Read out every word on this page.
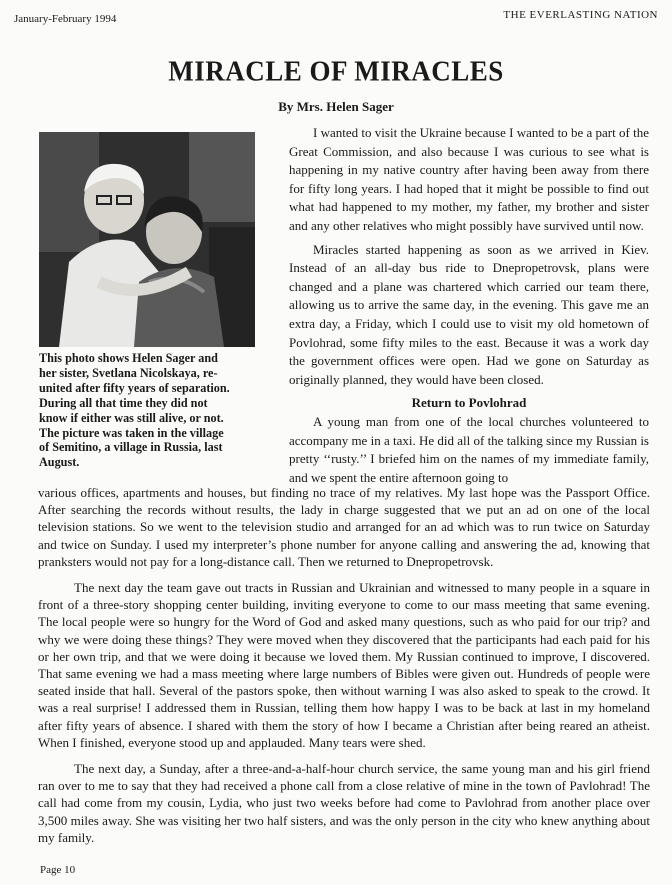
January-February 1994	THE EVERLASTING NATION
MIRACLE OF MIRACLES
By Mrs. Helen Sager
This photo shows Helen Sager and
her sister, Svetlana Nicolskaya, re-
united after fifty years of separation.
During all that time they did not
know if either was still alive, or not.
The picture was taken in the village
of Semitino, a village in Russia, last
August.

I wanted to visit the Ukraine because I wanted to be a part of the Great Commission, and also because I was curious to see what is happening in my native country after having been away from there for fifty long years. I had hoped that it might be possible to find out what had happened to my mother, my father, my brother and sister and any other relatives who might possibly have survived until now.

Miracles started happening as soon as we arrived in Kiev. Instead of an all-day bus ride to Dnepropetrovsk, plans were changed and a plane was chartered which carried our team there, allowing us to arrive the same day, in the evening. This gave me an extra day, a Friday, which I could use to visit my old hometown of Povlohrad, some fifty miles to the east. Because it was a work day the government offices were open. Had we gone on Saturday as originally planned, they would have been closed.

Return to Povlohrad

A young man from one of the local churches volunteered to accompany me in a taxi. He did all of the talking since my Russian is pretty ‘‘rusty.’’ I briefed him on the names of my immediate family, and we spent the entire afternoon going to

various offices, apartments and houses, but finding no trace of my relatives. My last hope was the Passport Office. After searching the records without results, the lady in charge suggested that we put an ad on one of the local television stations. So we went to the television studio and arranged for an ad which was to run twice on Saturday and twice on Sunday. I used my interpreter’s phone number for anyone calling and answering the ad, knowing that pranksters would not pay for a long-distance call. Then we returned to Dnepropetrovsk.

The next day the team gave out tracts in Russian and Ukrainian and witnessed to many people in a square in front of a three-story shopping center building, inviting everyone to come to our mass meeting that same evening. The local people were so hungry for the Word of God and asked many questions, such as who paid for our trip? and why we were doing these things? They were moved when they discovered that the participants had each paid for his or her own trip, and that we were doing it because we loved them. My Russian continued to improve, I discovered. That same evening we had a mass meeting where large numbers of Bibles were given out. Hundreds of people were seated inside that hall. Several of the pastors spoke, then without warning I was also asked to speak to the crowd. It was a real surprise! I addressed them in Russian, telling them how happy I was to be back at last in my homeland after fifty years of absence. I shared with them the story of how I became a Christian after being reared an atheist. When I finished, everyone stood up and applauded. Many tears were shed.

The next day, a Sunday, after a three-and-a-half-hour church service, the same young man and his girl friend ran over to me to say that they had received a phone call from a close relative of mine in the town of Pavlohrad! The call had come from my cousin, Lydia, who just two weeks before had come to Pavlohrad from another place over 3,500 miles away. She was visiting her two half sisters, and was the only person in the city who knew anything about my family.

Page 10
